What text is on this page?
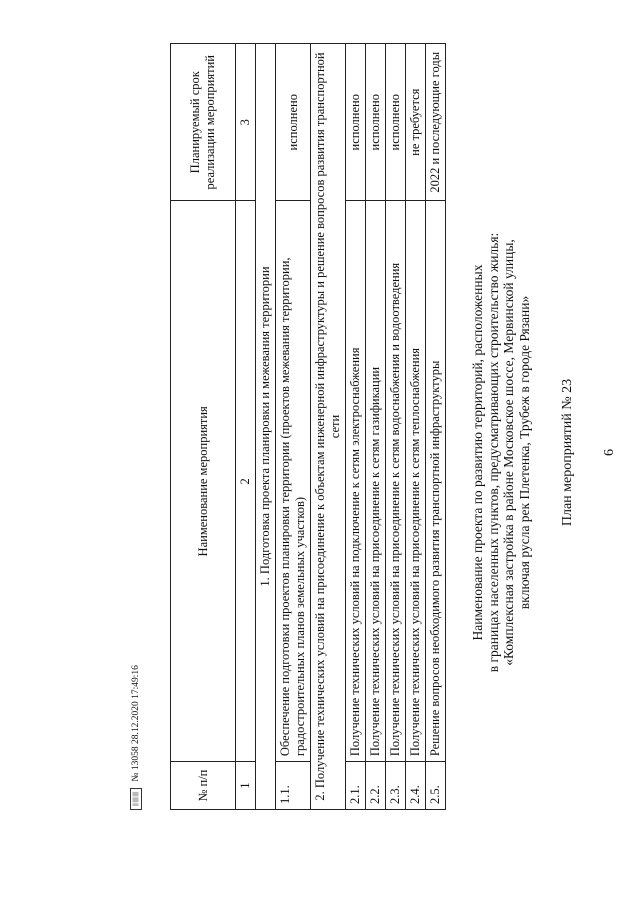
6
План мероприятий № 23
Наименование проекта по развитию территорий, расположенных в границах населенных пунктов, предусматривающих строительство жилья: «Комплексная застройка в районе Московское шоссе, Мервинской улицы, включая русла рек Плетенка, Трубеж в городе Рязани»
№ п/п	Наименование мероприятия	Планируемый срок реализации мероприятий
1	2	3
1. Подготовка проекта планировки и межевания территории		
1.1.	Обеспечение подготовки проектов планировки территории (проектов межевания территории, градостроительных планов земельных участков)	исполнено
2. Получение технических условий на присоединение к объектам инженерной инфраструктуры и решение вопросов развития транспортной сети		
2.1.	Получение технических условий на подключение к сетям электроснабжения	исполнено
2.2.	Получение технических условий на присоединение к сетям газификации	исполнено
2.3.	Получение технических условий на присоединение к сетям водоснабжения и водоотведения	исполнено
2.4.	Получение технических условий на присоединение к сетям теплоснабжения	не требуется
2.5.	Решение вопросов необходимого развития транспортной инфраструктуры	2022 и последующие годы
||||||||||||
№ 13058 28.12.2020 17:49:16
